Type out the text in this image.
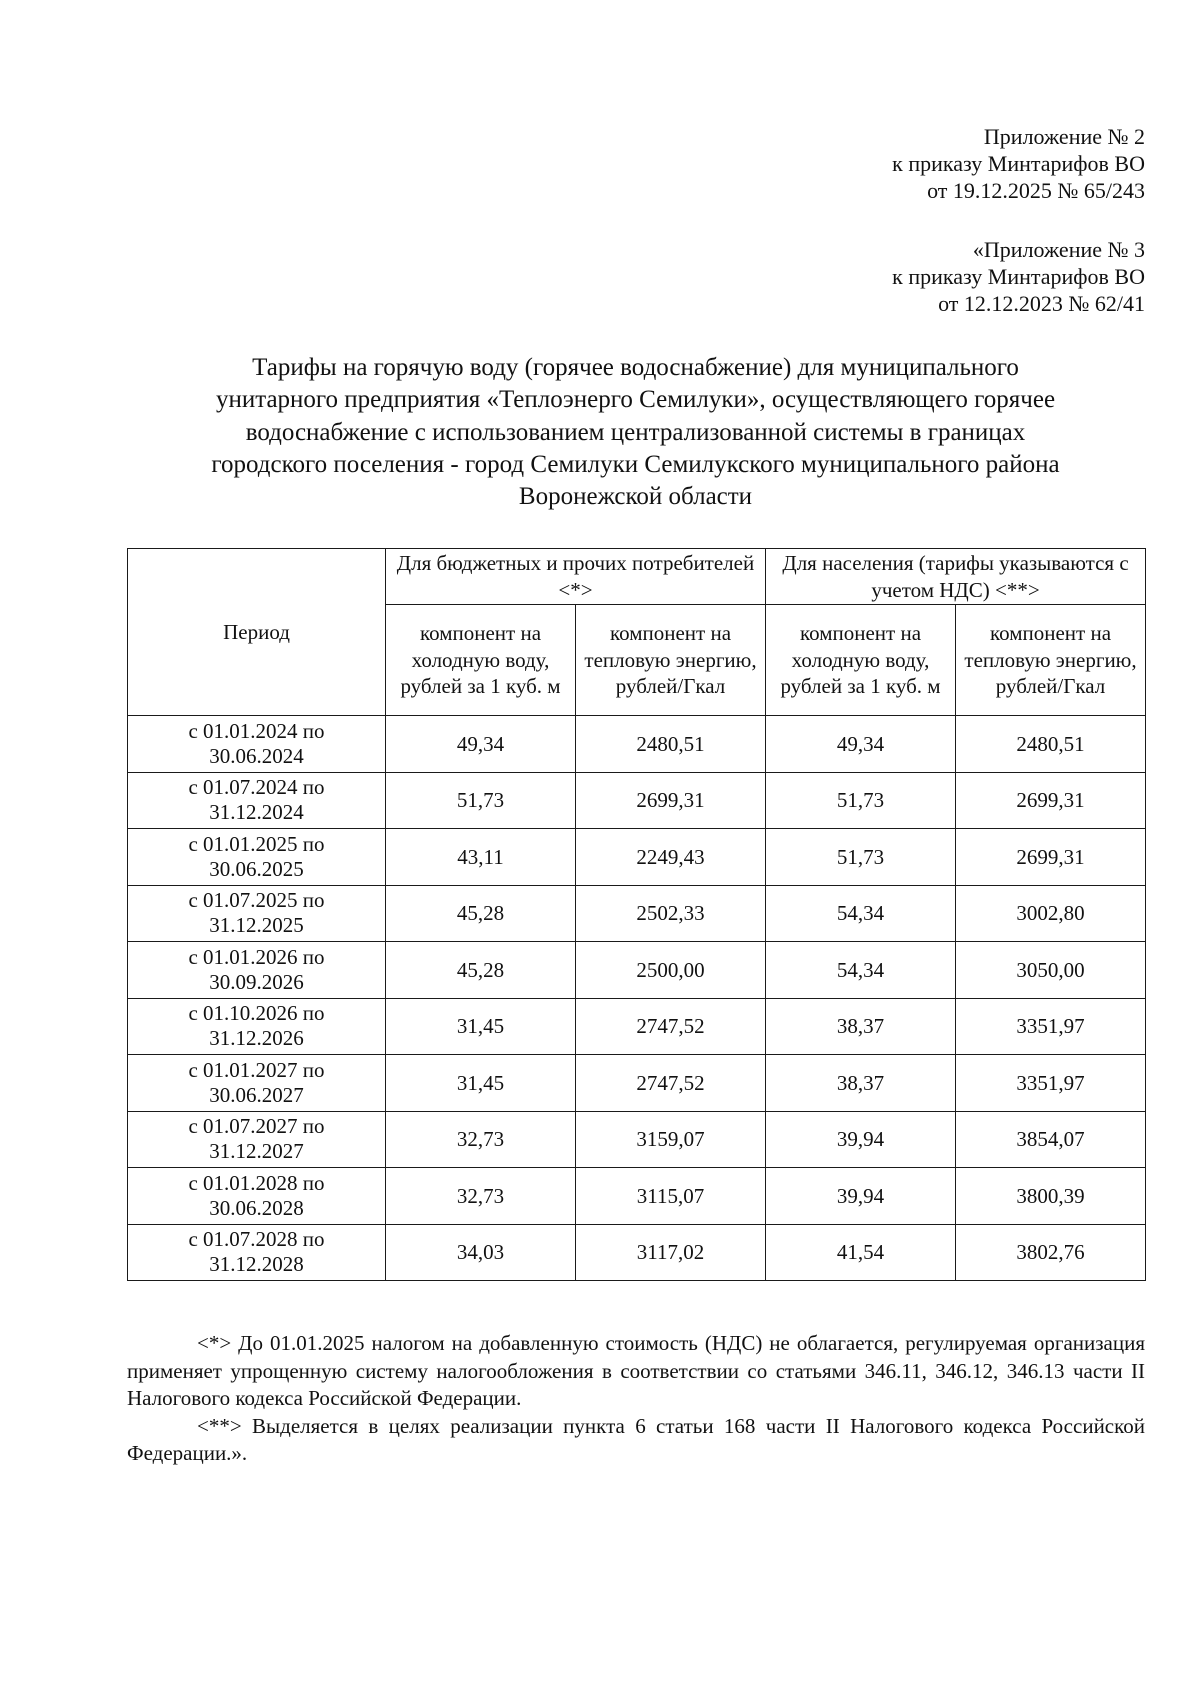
Приложение № 2
к приказу Минтарифов ВО
от 19.12.2025 № 65/243
«Приложение № 3
к приказу Минтарифов ВО
от 12.12.2023 № 62/41
Тарифы на горячую воду (горячее водоснабжение) для муниципального
унитарного предприятия «Теплоэнерго Семилуки», осуществляющего горячее
водоснабжение с использованием централизованной системы в границах
городского поселения - город Семилуки Семилукского муниципального района
Воронежской области
Период	Для бюджетных и прочих потребителей <*>		Для населения (тарифы указываются с учетом НДС) <**>	
	компонент на холодную воду, рублей за 1 куб. м	компонент на тепловую энергию, рублей/Гкал	компонент на холодную воду, рублей за 1 куб. м	компонент на тепловую энергию, рублей/Гкал
с 01.01.2024 по
30.06.2024	49,34	2480,51	49,34	2480,51
с 01.07.2024 по
31.12.2024	51,73	2699,31	51,73	2699,31
с 01.01.2025 по
30.06.2025	43,11	2249,43	51,73	2699,31
с 01.07.2025 по
31.12.2025	45,28	2502,33	54,34	3002,80
с 01.01.2026 по
30.09.2026	45,28	2500,00	54,34	3050,00
с 01.10.2026 по
31.12.2026	31,45	2747,52	38,37	3351,97
с 01.01.2027 по
30.06.2027	31,45	2747,52	38,37	3351,97
с 01.07.2027 по
31.12.2027	32,73	3159,07	39,94	3854,07
с 01.01.2028 по
30.06.2028	32,73	3115,07	39,94	3800,39
с 01.07.2028 по
31.12.2028	34,03	3117,02	41,54	3802,76

<*> До 01.01.2025 налогом на добавленную стоимость (НДС) не облагается, регулируемая организация применяет упрощенную систему налогообложения в соответствии со статьями 346.11, 346.12, 346.13 части II Налогового кодекса Российской Федерации.

<**> Выделяется в целях реализации пункта 6 статьи 168 части II Налогового кодекса Российской Федерации.».
